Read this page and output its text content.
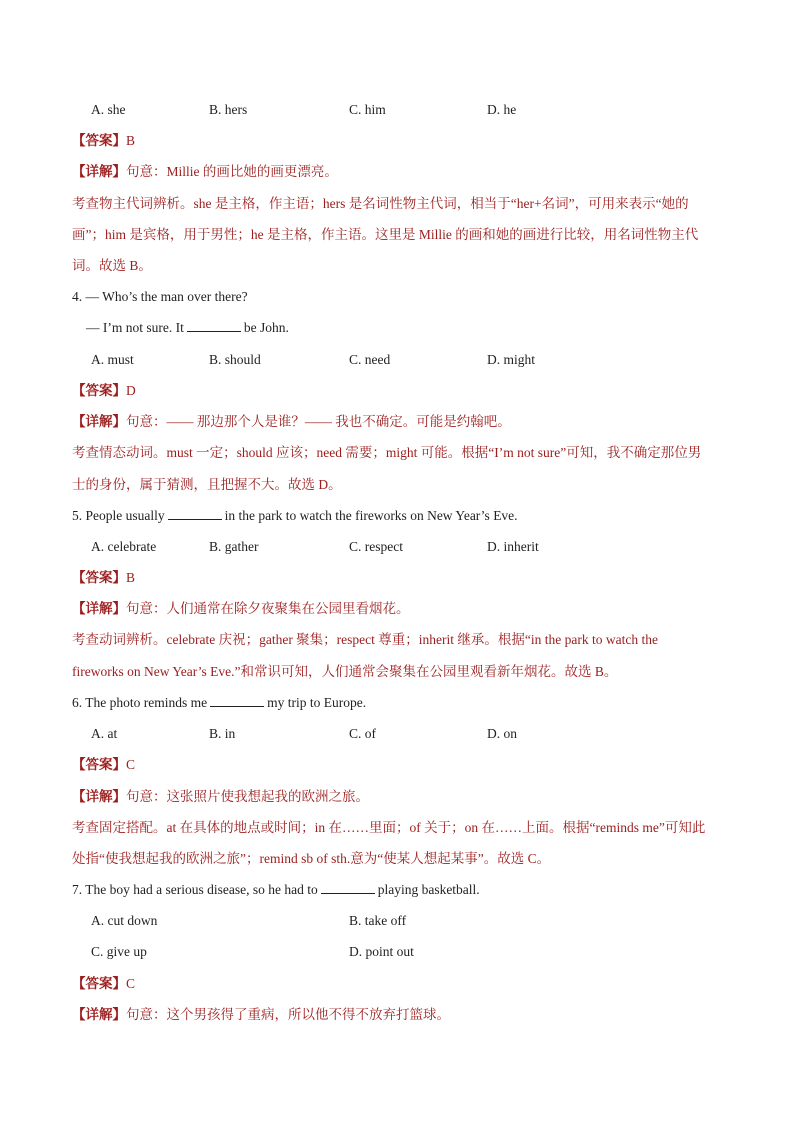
A. she	B. hers	C. him	D. he
【答案】B
【详解】句意：Millie 的画比她的画更漂亮。
考查物主代词辨析。she 是主格，作主语；hers 是名词性物主代词，相当于“her+名词”，可用来表示“她的
画”；him 是宾格，用于男性；he 是主格，作主语。这里是 Millie 的画和她的画进行比较，用名词性物主代
词。故选 B。
4. — Who’s the man over there?
— I’m not sure. It	be John.
A. must	B. should	C. need	D. might
【答案】D
【详解】句意：—— 那边那个人是谁？—— 我也不确定。可能是约翰吧。
考查情态动词。must 一定；should 应该；need 需要；might 可能。根据“I’m not sure”可知，我不确定那位男
士的身份，属于猜测，且把握不大。故选 D。
5. People usually	in the park to watch the fireworks on New Year’s Eve.
A. celebrate	B. gather	C. respect	D. inherit
【答案】B
【详解】句意：人们通常在除夕夜聚集在公园里看烟花。
考查动词辨析。celebrate 庆祝；gather 聚集；respect 尊重；inherit 继承。根据“in the park to watch the
fireworks on New Year’s Eve.”和常识可知，人们通常会聚集在公园里观看新年烟花。故选 B。
6. The photo reminds me	my trip to Europe.
A. at	B. in	C. of	D. on
【答案】C
【详解】句意：这张照片使我想起我的欧洲之旅。
考查固定搭配。at 在具体的地点或时间；in 在……里面；of 关于；on 在……上面。根据“reminds me”可知此
处指“使我想起我的欧洲之旅”；remind sb of sth.意为“使某人想起某事”。故选 C。
7. The boy had a serious disease, so he had to	playing basketball.
A. cut down	B. take off
C. give up	D. point out
【答案】C
【详解】句意：这个男孩得了重病，所以他不得不放弃打篮球。
